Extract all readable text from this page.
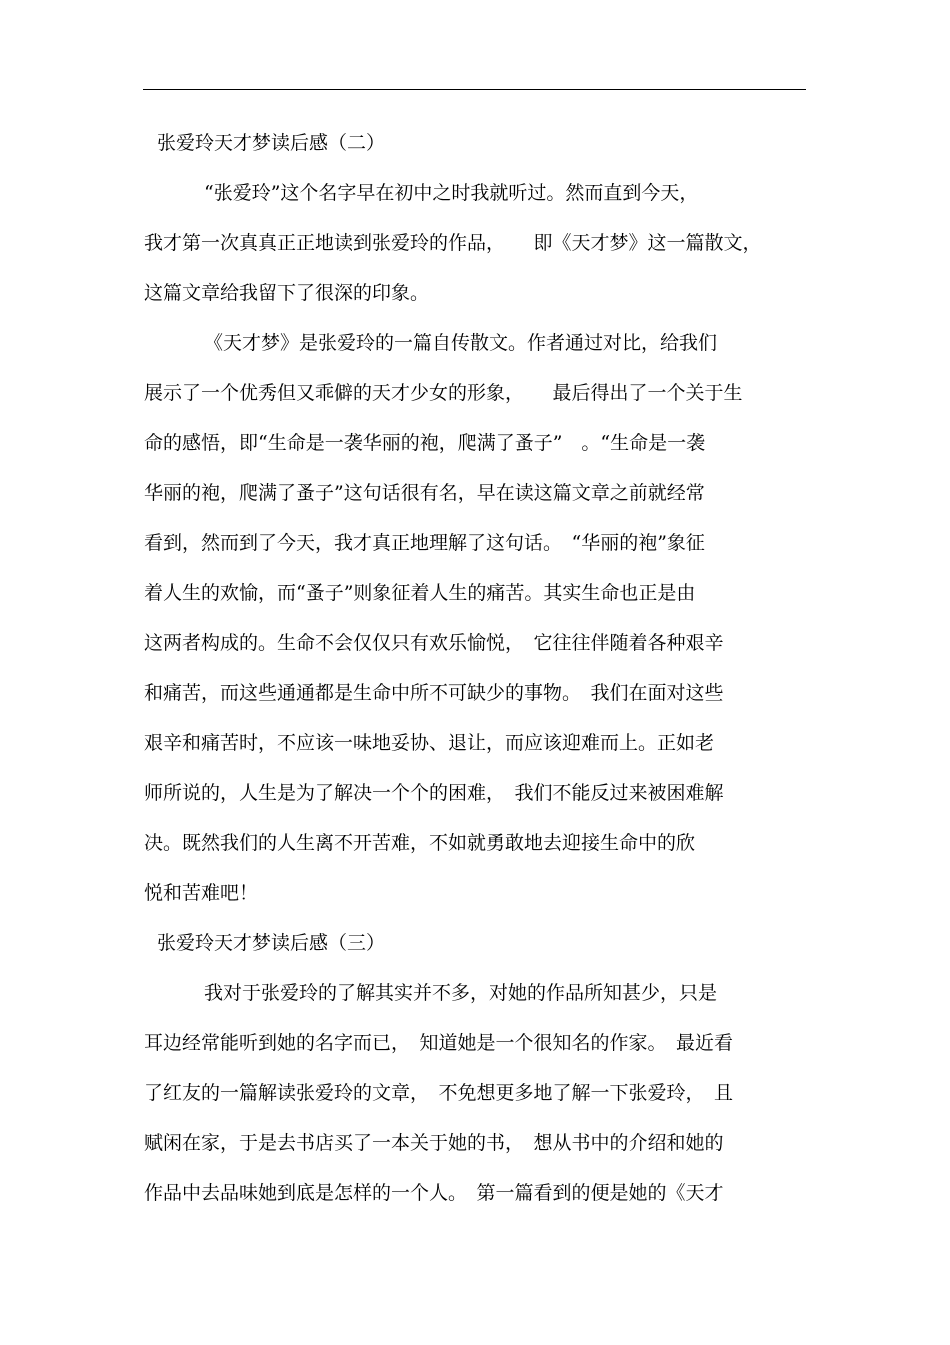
张爱玲天才梦读后感（二）
“张爱玲”这个名字早在初中之时我就听过。然而直到今天，
我才第一次真真正正地读到张爱玲的作品，　　即《天才梦》这一篇散文，
这篇文章给我留下了很深的印象。
《天才梦》是张爱玲的一篇自传散文。作者通过对比，给我们
展示了一个优秀但又乖僻的天才少女的形象，　　最后得出了一个关于生
命的感悟，即“生命是一袭华丽的袍，爬满了蚤子”　。“生命是一袭
华丽的袍，爬满了蚤子”这句话很有名，早在读这篇文章之前就经常
看到，然而到了今天，我才真正地理解了这句话。　“华丽的袍”象征
着人生的欢愉，而“蚤子”则象征着人生的痛苦。其实生命也正是由
这两者构成的。生命不会仅仅只有欢乐愉悦，　它往往伴随着各种艰辛
和痛苦，而这些通通都是生命中所不可缺少的事物。　我们在面对这些
艰辛和痛苦时，不应该一味地妥协、退让，而应该迎难而上。正如老
师所说的，人生是为了解决一个个的困难，　我们不能反过来被困难解
决。既然我们的人生离不开苦难，不如就勇敢地去迎接生命中的欣
悦和苦难吧！
张爱玲天才梦读后感（三）
我对于张爱玲的了解其实并不多，对她的作品所知甚少，只是
耳边经常能听到她的名字而已，　知道她是一个很知名的作家。　最近看
了红友的一篇解读张爱玲的文章，　不免想更多地了解一下张爱玲，　且
赋闲在家，于是去书店买了一本关于她的书，　想从书中的介绍和她的
作品中去品味她到底是怎样的一个人。　第一篇看到的便是她的《天才
